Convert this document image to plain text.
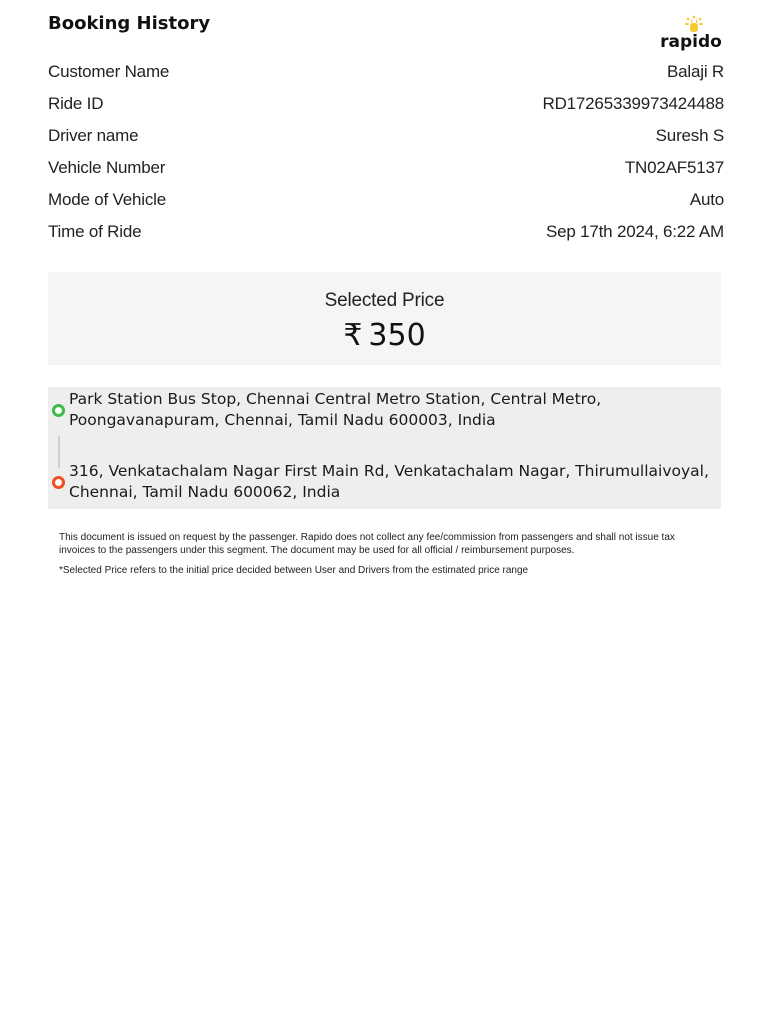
Booking History
rapido
Customer Name	Balaji R
Ride ID	RD17265339973424488
Driver name	Suresh S
Vehicle Number	TN02AF5137
Mode of Vehicle	Auto
Time of Ride	Sep 17th 2024, 6:22 AM
Selected Price
₹ 350
Park Station Bus Stop, Chennai Central Metro Station, Central Metro, Poongavanapuram, Chennai, Tamil Nadu 600003, India
316, Venkatachalam Nagar First Main Rd, Venkatachalam Nagar, Thirumullaivoyal, Chennai, Tamil Nadu 600062, India
This document is issued on request by the passenger. Rapido does not collect any fee/commission from passengers and shall not issue tax invoices to the passengers under this segment. The document may be used for all official / reimbursement purposes.
*Selected Price refers to the initial price decided between User and Drivers from the estimated price range
